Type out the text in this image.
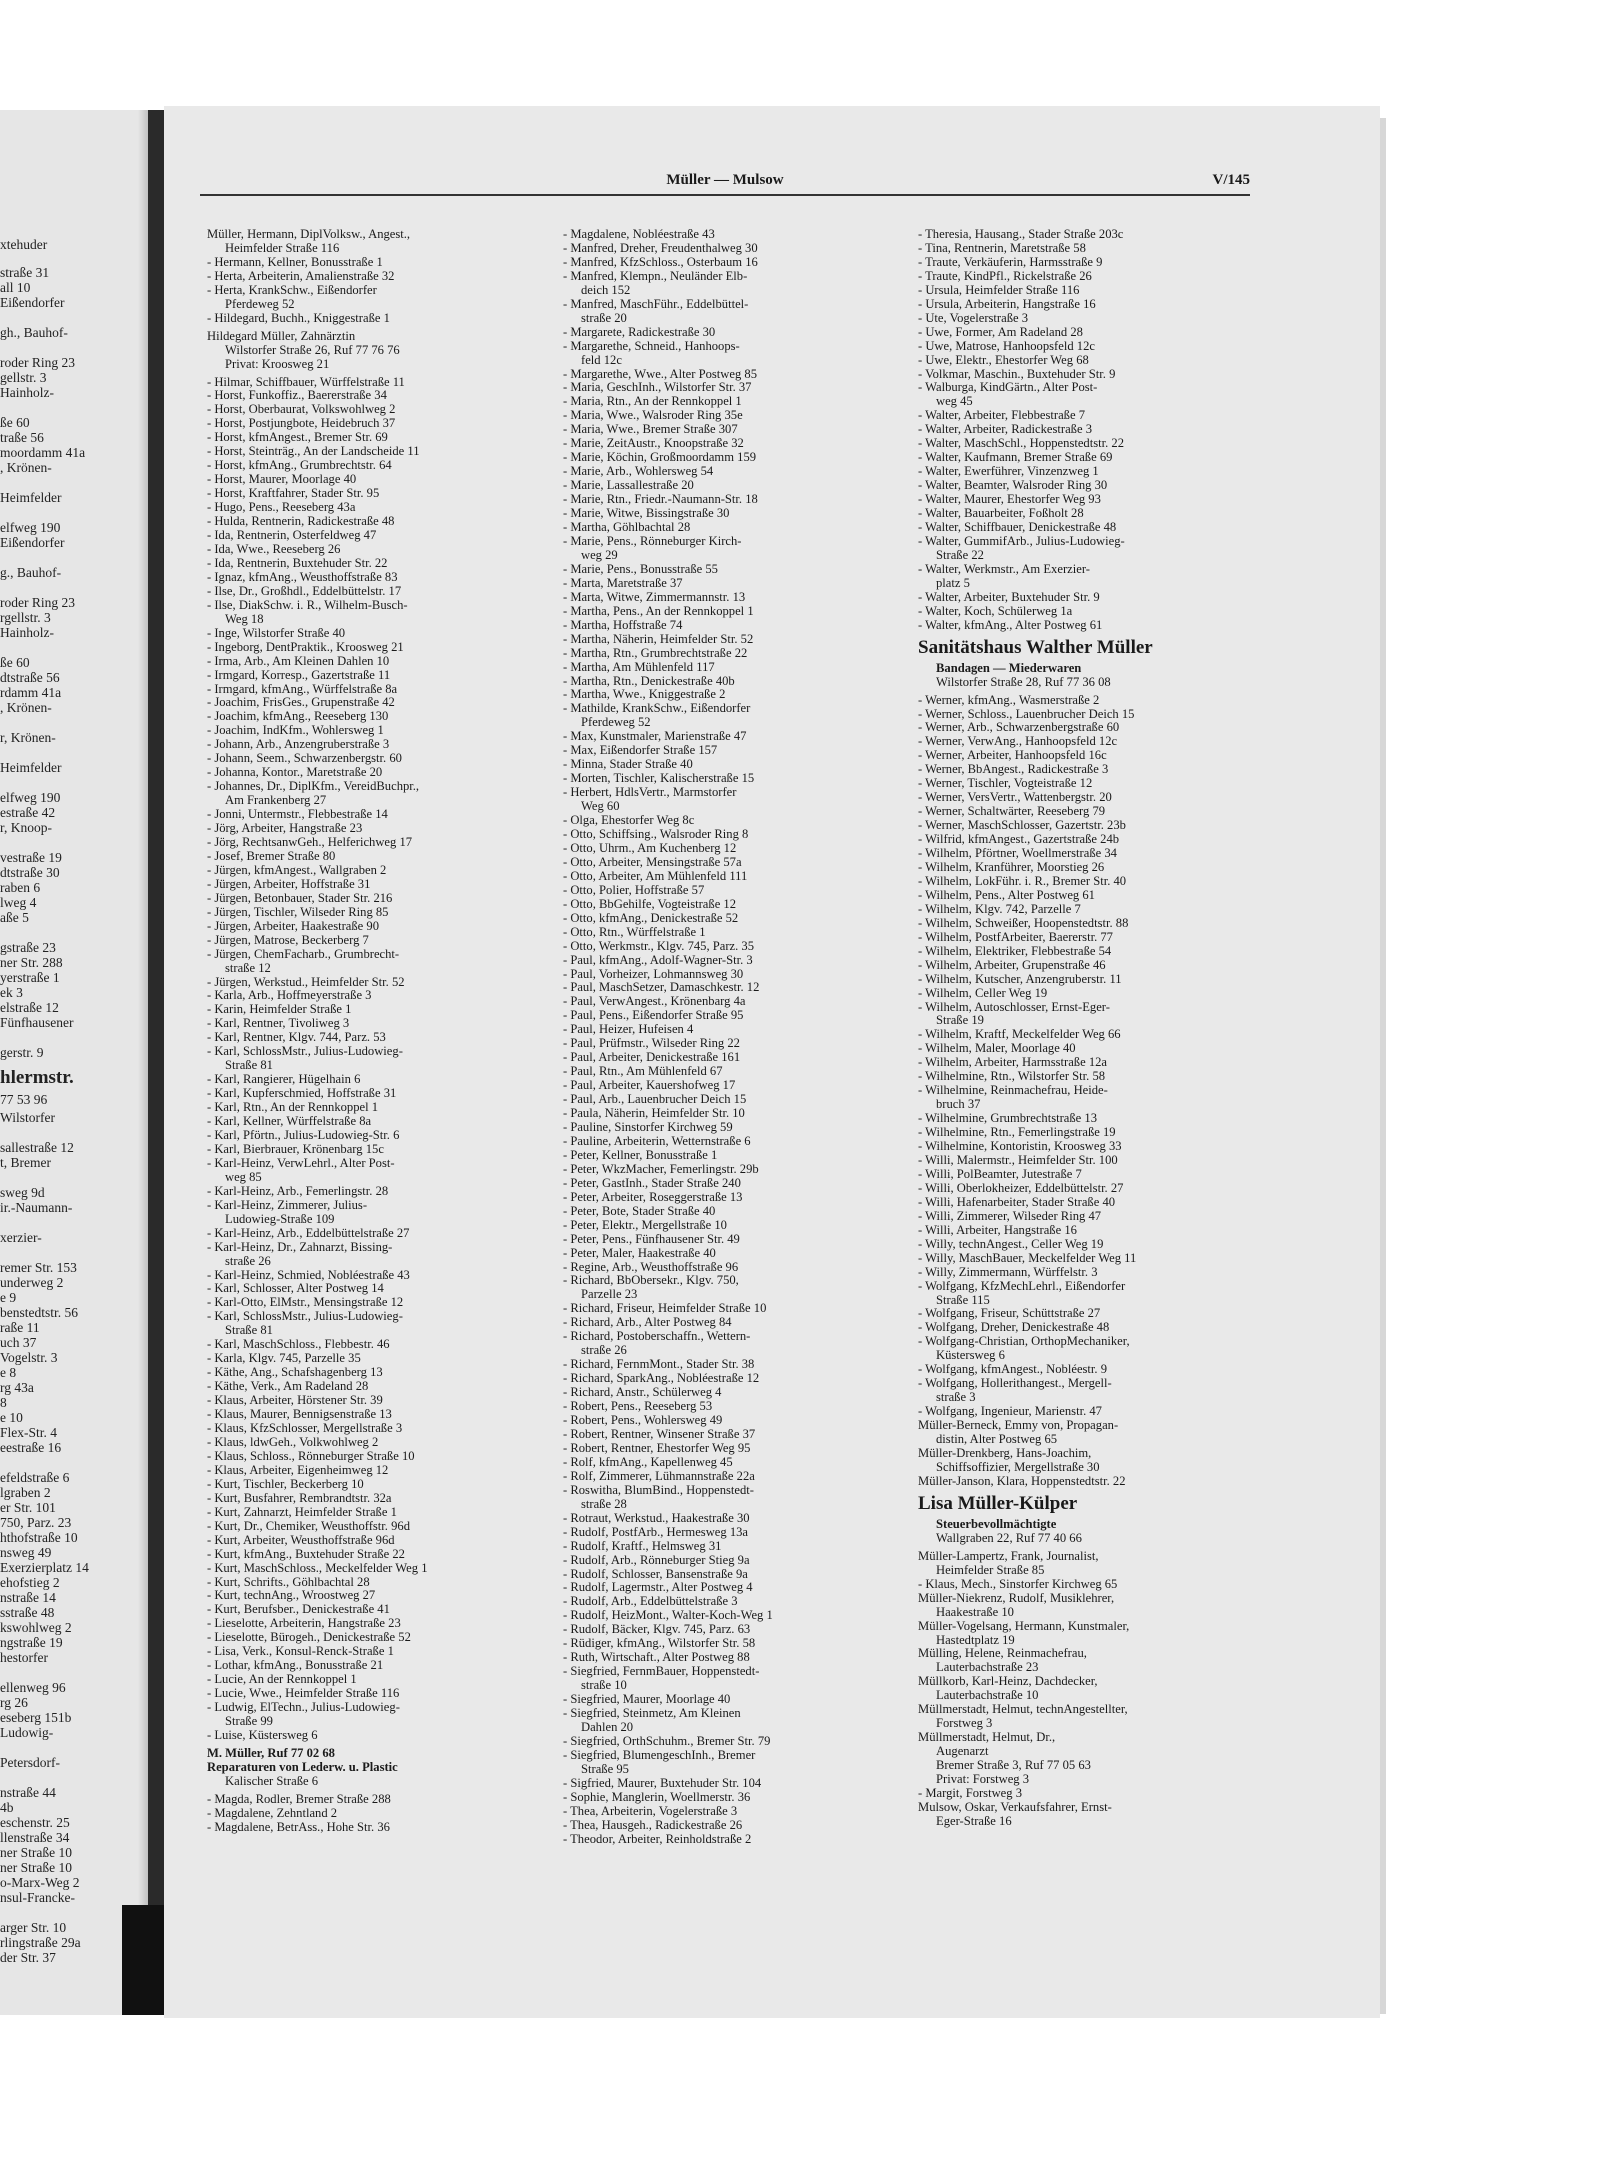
xtehuder
straße 31
all 10
Eißendorfer
gh., Bauhof-
roder Ring 23
gellstr. 3
Hainholz-
ße 60
traße 56
moordamm 41a
, Krönen-
Heimfelder
elfweg 190
Eißendorfer
g., Bauhof-
roder Ring 23
rgellstr. 3
Hainholz-
ße 60
dtstraße 56
rdamm 41a
, Krönen-
r, Krönen-
Heimfelder
elfweg 190
estraße 42
r, Knoop-
vestraße 19
dtstraße 30
raben 6
lweg 4
aße 5
gstraße 23
ner Str. 288
yerstraße 1
ek 3
elstraße 12
Fünfhausener
gerstr. 9
hlermstr.
77 53 96
Wilstorfer
sallestraße 12
t, Bremer
sweg 9d
ir.-Naumann-
xerzier-
remer Str. 153
underweg 2
e 9
benstedtstr. 56
raße 11
uch 37
Vogelstr. 3
e 8
rg 43a
8
e 10
Flex-Str. 4
eestraße 16
efeldstraße 6
lgraben 2
er Str. 101
750, Parz. 23
hthofstraße 10
nsweg 49
Exerzierplatz 14
ehofstieg 2
nstraße 14
sstraße 48
kswohlweg 2
ngstraße 19
hestorfer
ellenweg 96
rg 26
eseberg 151b
Ludowig-
Petersdorf-
nstraße 44
4b
eschenstr. 25
llenstraße 34
ner Straße 10
ner Straße 10
o-Marx-Weg 2
nsul-Francke-
arger Str. 10
rlingstraße 29a
der Str. 37
Müller — Mulsow	V/145
Müller, Hermann, DiplVolksw., Angest.,
Heimfelder Straße 116
- Hermann, Kellner, Bonusstraße 1
- Herta, Arbeiterin, Amalienstraße 32
- Herta, KrankSchw., Eißendorfer
Pferdeweg 52
- Hildegard, Buchh., Kniggestraße 1
Hildegard Müller, Zahnärztin
Wilstorfer Straße 26, Ruf 77 76 76
Privat: Kroosweg 21
- Hilmar, Schiffbauer, Würffelstraße 11
- Horst, Funkoffiz., Baererstraße 34
- Horst, Oberbaurat, Volkswohlweg 2
- Horst, Postjungbote, Heidebruch 37
- Horst, kfmAngest., Bremer Str. 69
- Horst, Steinträg., An der Landscheide 11
- Horst, kfmAng., Grumbrechtstr. 64
- Horst, Maurer, Moorlage 40
- Horst, Kraftfahrer, Stader Str. 95
- Hugo, Pens., Reeseberg 43a
- Hulda, Rentnerin, Radickestraße 48
- Ida, Rentnerin, Osterfeldweg 47
- Ida, Wwe., Reeseberg 26
- Ida, Rentnerin, Buxtehuder Str. 22
- Ignaz, kfmAng., Weusthoffstraße 83
- Ilse, Dr., Großhdl., Eddelbüttelstr. 17
- Ilse, DiakSchw. i. R., Wilhelm-Busch-
Weg 18
- Inge, Wilstorfer Straße 40
- Ingeborg, DentPraktik., Kroosweg 21
- Irma, Arb., Am Kleinen Dahlen 10
- Irmgard, Korresp., Gazertstraße 11
- Irmgard, kfmAng., Würffelstraße 8a
- Joachim, FrisGes., Grupenstraße 42
- Joachim, kfmAng., Reeseberg 130
- Joachim, IndKfm., Wohlersweg 1
- Johann, Arb., Anzengruberstraße 3
- Johann, Seem., Schwarzenbergstr. 60
- Johanna, Kontor., Maretstraße 20
- Johannes, Dr., DiplKfm., VereidBuchpr.,
Am Frankenberg 27
- Jonni, Untermstr., Flebbestraße 14
- Jörg, Arbeiter, Hangstraße 23
- Jörg, RechtsanwGeh., Helferichweg 17
- Josef, Bremer Straße 80
- Jürgen, kfmAngest., Wallgraben 2
- Jürgen, Arbeiter, Hoffstraße 31
- Jürgen, Betonbauer, Stader Str. 216
- Jürgen, Tischler, Wilseder Ring 85
- Jürgen, Arbeiter, Haakestraße 90
- Jürgen, Matrose, Beckerberg 7
- Jürgen, ChemFacharb., Grumbrecht-
straße 12
- Jürgen, Werkstud., Heimfelder Str. 52
- Karla, Arb., Hoffmeyerstraße 3
- Karin, Heimfelder Straße 1
- Karl, Rentner, Tivoliweg 3
- Karl, Rentner, Klgv. 744, Parz. 53
- Karl, SchlossMstr., Julius-Ludowieg-
Straße 81
- Karl, Rangierer, Hügelhain 6
- Karl, Kupferschmied, Hoffstraße 31
- Karl, Rtn., An der Rennkoppel 1
- Karl, Kellner, Würffelstraße 8a
- Karl, Pförtn., Julius-Ludowieg-Str. 6
- Karl, Bierbrauer, Krönenbarg 15c
- Karl-Heinz, VerwLehrl., Alter Post-
weg 85
- Karl-Heinz, Arb., Femerlingstr. 28
- Karl-Heinz, Zimmerer, Julius-
Ludowieg-Straße 109
- Karl-Heinz, Arb., Eddelbüttelstraße 27
- Karl-Heinz, Dr., Zahnarzt, Bissing-
straße 26
- Karl-Heinz, Schmied, Nobléestraße 43
- Karl, Schlosser, Alter Postweg 14
- Karl-Otto, ElMstr., Mensingstraße 12
- Karl, SchlossMstr., Julius-Ludowieg-
Straße 81
- Karl, MaschSchloss., Flebbestr. 46
- Karla, Klgv. 745, Parzelle 35
- Käthe, Ang., Schafshagenberg 13
- Käthe, Verk., Am Radeland 28
- Klaus, Arbeiter, Hörstener Str. 39
- Klaus, Maurer, Bennigsenstraße 13
- Klaus, KfzSchlosser, Mergellstraße 3
- Klaus, ldwGeh., Volkwohlweg 2
- Klaus, Schloss., Rönneburger Straße 10
- Klaus, Arbeiter, Eigenheimweg 12
- Kurt, Tischler, Beckerberg 10
- Kurt, Busfahrer, Rembrandtstr. 32a
- Kurt, Zahnarzt, Heimfelder Straße 1
- Kurt, Dr., Chemiker, Weusthoffstr. 96d
- Kurt, Arbeiter, Weusthoffstraße 96d
- Kurt, kfmAng., Buxtehuder Straße 22
- Kurt, MaschSchloss., Meckelfelder Weg 1
- Kurt, Schrifts., Göhlbachtal 28
- Kurt, technAng., Wroostweg 27
- Kurt, Berufsber., Denickestraße 41
- Lieselotte, Arbeiterin, Hangstraße 23
- Lieselotte, Bürogeh., Denickestraße 52
- Lisa, Verk., Konsul-Renck-Straße 1
- Lothar, kfmAng., Bonusstraße 21
- Lucie, An der Rennkoppel 1
- Lucie, Wwe., Heimfelder Straße 116
- Ludwig, ElTechn., Julius-Ludowieg-
Straße 99
- Luise, Küstersweg 6
M. Müller, Ruf 77 02 68
Reparaturen von Lederw. u. Plastic
Kalischer Straße 6
- Magda, Rodler, Bremer Straße 288
- Magdalene, Zehntland 2
- Magdalene, BetrAss., Hohe Str. 36
- Magdalene, Nobléestraße 43
- Manfred, Dreher, Freudenthalweg 30
- Manfred, KfzSchloss., Osterbaum 16
- Manfred, Klempn., Neuländer Elb-
deich 152
- Manfred, MaschFühr., Eddelbüttel-
straße 20
- Margarete, Radickestraße 30
- Margarethe, Schneid., Hanhoops-
feld 12c
- Margarethe, Wwe., Alter Postweg 85
- Maria, GeschInh., Wilstorfer Str. 37
- Maria, Rtn., An der Rennkoppel 1
- Maria, Wwe., Walsroder Ring 35e
- Maria, Wwe., Bremer Straße 307
- Marie, ZeitAustr., Knoopstraße 32
- Marie, Köchin, Großmoordamm 159
- Marie, Arb., Wohlersweg 54
- Marie, Lassallestraße 20
- Marie, Rtn., Friedr.-Naumann-Str. 18
- Marie, Witwe, Bissingstraße 30
- Martha, Göhlbachtal 28
- Marie, Pens., Rönneburger Kirch-
weg 29
- Marie, Pens., Bonusstraße 55
- Marta, Maretstraße 37
- Marta, Witwe, Zimmermannstr. 13
- Martha, Pens., An der Rennkoppel 1
- Martha, Hoffstraße 74
- Martha, Näherin, Heimfelder Str. 52
- Martha, Rtn., Grumbrechtstraße 22
- Martha, Am Mühlenfeld 117
- Martha, Rtn., Denickestraße 40b
- Martha, Wwe., Kniggestraße 2
- Mathilde, KrankSchw., Eißendorfer
Pferdeweg 52
- Max, Kunstmaler, Marienstraße 47
- Max, Eißendorfer Straße 157
- Minna, Stader Straße 40
- Morten, Tischler, Kalischerstraße 15
- Herbert, HdlsVertr., Marmstorfer
Weg 60
- Olga, Ehestorfer Weg 8c
- Otto, Schiffsing., Walsroder Ring 8
- Otto, Uhrm., Am Kuchenberg 12
- Otto, Arbeiter, Mensingstraße 57a
- Otto, Arbeiter, Am Mühlenfeld 111
- Otto, Polier, Hoffstraße 57
- Otto, BbGehilfe, Vogteistraße 12
- Otto, kfmAng., Denickestraße 52
- Otto, Rtn., Würffelstraße 1
- Otto, Werkmstr., Klgv. 745, Parz. 35
- Paul, kfmAng., Adolf-Wagner-Str. 3
- Paul, Vorheizer, Lohmannsweg 30
- Paul, MaschSetzer, Damaschkestr. 12
- Paul, VerwAngest., Krönenbarg 4a
- Paul, Pens., Eißendorfer Straße 95
- Paul, Heizer, Hufeisen 4
- Paul, Prüfmstr., Wilseder Ring 22
- Paul, Arbeiter, Denickestraße 161
- Paul, Rtn., Am Mühlenfeld 67
- Paul, Arbeiter, Kauershofweg 17
- Paul, Arb., Lauenbrucher Deich 15
- Paula, Näherin, Heimfelder Str. 10
- Pauline, Sinstorfer Kirchweg 59
- Pauline, Arbeiterin, Wetternstraße 6
- Peter, Kellner, Bonusstraße 1
- Peter, WkzMacher, Femerlingstr. 29b
- Peter, GastInh., Stader Straße 240
- Peter, Arbeiter, Roseggerstraße 13
- Peter, Bote, Stader Straße 40
- Peter, Elektr., Mergellstraße 10
- Peter, Pens., Fünfhausener Str. 49
- Peter, Maler, Haakestraße 40
- Regine, Arb., Weusthoffstraße 96
- Richard, BbObersekr., Klgv. 750,
Parzelle 23
- Richard, Friseur, Heimfelder Straße 10
- Richard, Arb., Alter Postweg 84
- Richard, Postoberschaffn., Wettern-
straße 26
- Richard, FernmMont., Stader Str. 38
- Richard, SparkAng., Nobléestraße 12
- Richard, Anstr., Schülerweg 4
- Robert, Pens., Reeseberg 53
- Robert, Pens., Wohlersweg 49
- Robert, Rentner, Winsener Straße 37
- Robert, Rentner, Ehestorfer Weg 95
- Rolf, kfmAng., Kapellenweg 45
- Rolf, Zimmerer, Lühmannstraße 22a
- Roswitha, BlumBind., Hoppenstedt-
straße 28
- Rotraut, Werkstud., Haakestraße 30
- Rudolf, PostfArb., Hermesweg 13a
- Rudolf, Kraftf., Helmsweg 31
- Rudolf, Arb., Rönneburger Stieg 9a
- Rudolf, Schlosser, Bansenstraße 9a
- Rudolf, Lagermstr., Alter Postweg 4
- Rudolf, Arb., Eddelbüttelstraße 3
- Rudolf, HeizMont., Walter-Koch-Weg 1
- Rudolf, Bäcker, Klgv. 745, Parz. 63
- Rüdiger, kfmAng., Wilstorfer Str. 58
- Ruth, Wirtschaft., Alter Postweg 88
- Siegfried, FernmBauer, Hoppenstedt-
straße 10
- Siegfried, Maurer, Moorlage 40
- Siegfried, Steinmetz, Am Kleinen
Dahlen 20
- Siegfried, OrthSchuhm., Bremer Str. 79
- Siegfried, BlumengeschInh., Bremer
Straße 95
- Sigfried, Maurer, Buxtehuder Str. 104
- Sophie, Manglerin, Woellmerstr. 36
- Thea, Arbeiterin, Vogelerstraße 3
- Thea, Hausgeh., Radickestraße 26
- Theodor, Arbeiter, Reinholdstraße 2
- Theresia, Hausang., Stader Straße 203c
- Tina, Rentnerin, Maretstraße 58
- Traute, Verkäuferin, Harmsstraße 9
- Traute, KindPfl., Rickelstraße 26
- Ursula, Heimfelder Straße 116
- Ursula, Arbeiterin, Hangstraße 16
- Ute, Vogelerstraße 3
- Uwe, Former, Am Radeland 28
- Uwe, Matrose, Hanhoopsfeld 12c
- Uwe, Elektr., Ehestorfer Weg 68
- Volkmar, Maschin., Buxtehuder Str. 9
- Walburga, KindGärtn., Alter Post-
weg 45
- Walter, Arbeiter, Flebbestraße 7
- Walter, Arbeiter, Radickestraße 3
- Walter, MaschSchl., Hoppenstedtstr. 22
- Walter, Kaufmann, Bremer Straße 69
- Walter, Ewerführer, Vinzenzweg 1
- Walter, Beamter, Walsroder Ring 30
- Walter, Maurer, Ehestorfer Weg 93
- Walter, Bauarbeiter, Foßholt 28
- Walter, Schiffbauer, Denickestraße 48
- Walter, GummifArb., Julius-Ludowieg-
Straße 22
- Walter, Werkmstr., Am Exerzier-
platz 5
- Walter, Arbeiter, Buxtehuder Str. 9
- Walter, Koch, Schülerweg 1a
- Walter, kfmAng., Alter Postweg 61
Sanitätshaus Walther Müller
Bandagen — Miederwaren
Wilstorfer Straße 28, Ruf 77 36 08
- Werner, kfmAng., Wasmerstraße 2
- Werner, Schloss., Lauenbrucher Deich 15
- Werner, Arb., Schwarzenbergstraße 60
- Werner, VerwAng., Hanhoopsfeld 12c
- Werner, Arbeiter, Hanhoopsfeld 16c
- Werner, BbAngest., Radickestraße 3
- Werner, Tischler, Vogteistraße 12
- Werner, VersVertr., Wattenbergstr. 20
- Werner, Schaltwärter, Reeseberg 79
- Werner, MaschSchlosser, Gazertstr. 23b
- Wilfrid, kfmAngest., Gazertstraße 24b
- Wilhelm, Pförtner, Woellmerstraße 34
- Wilhelm, Kranführer, Moorstieg 26
- Wilhelm, LokFühr. i. R., Bremer Str. 40
- Wilhelm, Pens., Alter Postweg 61
- Wilhelm, Klgv. 742, Parzelle 7
- Wilhelm, Schweißer, Hoopenstedtstr. 88
- Wilhelm, PostfArbeiter, Baererstr. 77
- Wilhelm, Elektriker, Flebbestraße 54
- Wilhelm, Arbeiter, Grupenstraße 46
- Wilhelm, Kutscher, Anzengruberstr. 11
- Wilhelm, Celler Weg 19
- Wilhelm, Autoschlosser, Ernst-Eger-
Straße 19
- Wilhelm, Kraftf, Meckelfelder Weg 66
- Wilhelm, Maler, Moorlage 40
- Wilhelm, Arbeiter, Harmsstraße 12a
- Wilhelmine, Rtn., Wilstorfer Str. 58
- Wilhelmine, Reinmachefrau, Heide-
bruch 37
- Wilhelmine, Grumbrechtstraße 13
- Wilhelmine, Rtn., Femerlingstraße 19
- Wilhelmine, Kontoristin, Kroosweg 33
- Willi, Malermstr., Heimfelder Str. 100
- Willi, PolBeamter, Jutestraße 7
- Willi, Oberlokheizer, Eddelbüttelstr. 27
- Willi, Hafenarbeiter, Stader Straße 40
- Willi, Zimmerer, Wilseder Ring 47
- Willi, Arbeiter, Hangstraße 16
- Willy, technAngest., Celler Weg 19
- Willy, MaschBauer, Meckelfelder Weg 11
- Willy, Zimmermann, Würffelstr. 3
- Wolfgang, KfzMechLehrl., Eißendorfer
Straße 115
- Wolfgang, Friseur, Schüttstraße 27
- Wolfgang, Dreher, Denickestraße 48
- Wolfgang-Christian, OrthopMechaniker,
Küstersweg 6
- Wolfgang, kfmAngest., Nobléestr. 9
- Wolfgang, Hollerithangest., Mergell-
straße 3
- Wolfgang, Ingenieur, Marienstr. 47
Müller-Berneck, Emmy von, Propagan-
distin, Alter Postweg 65
Müller-Drenkberg, Hans-Joachim,
Schiffsoffizier, Mergellstraße 30
Müller-Janson, Klara, Hoppenstedtstr. 22
Lisa Müller-Külper
Steuerbevollmächtigte
Wallgraben 22, Ruf 77 40 66
Müller-Lampertz, Frank, Journalist,
Heimfelder Straße 85
- Klaus, Mech., Sinstorfer Kirchweg 65
Müller-Niekrenz, Rudolf, Musiklehrer,
Haakestraße 10
Müller-Vogelsang, Hermann, Kunstmaler,
Hastedtplatz 19
Mülling, Helene, Reinmachefrau,
Lauterbachstraße 23
Müllkorb, Karl-Heinz, Dachdecker,
Lauterbachstraße 10
Müllmerstadt, Helmut, technAngestellter,
Forstweg 3
Müllmerstadt, Helmut, Dr.,
Augenarzt
Bremer Straße 3, Ruf 77 05 63
Privat: Forstweg 3
- Margit, Forstweg 3
Mulsow, Oskar, Verkaufsfahrer, Ernst-
Eger-Straße 16
